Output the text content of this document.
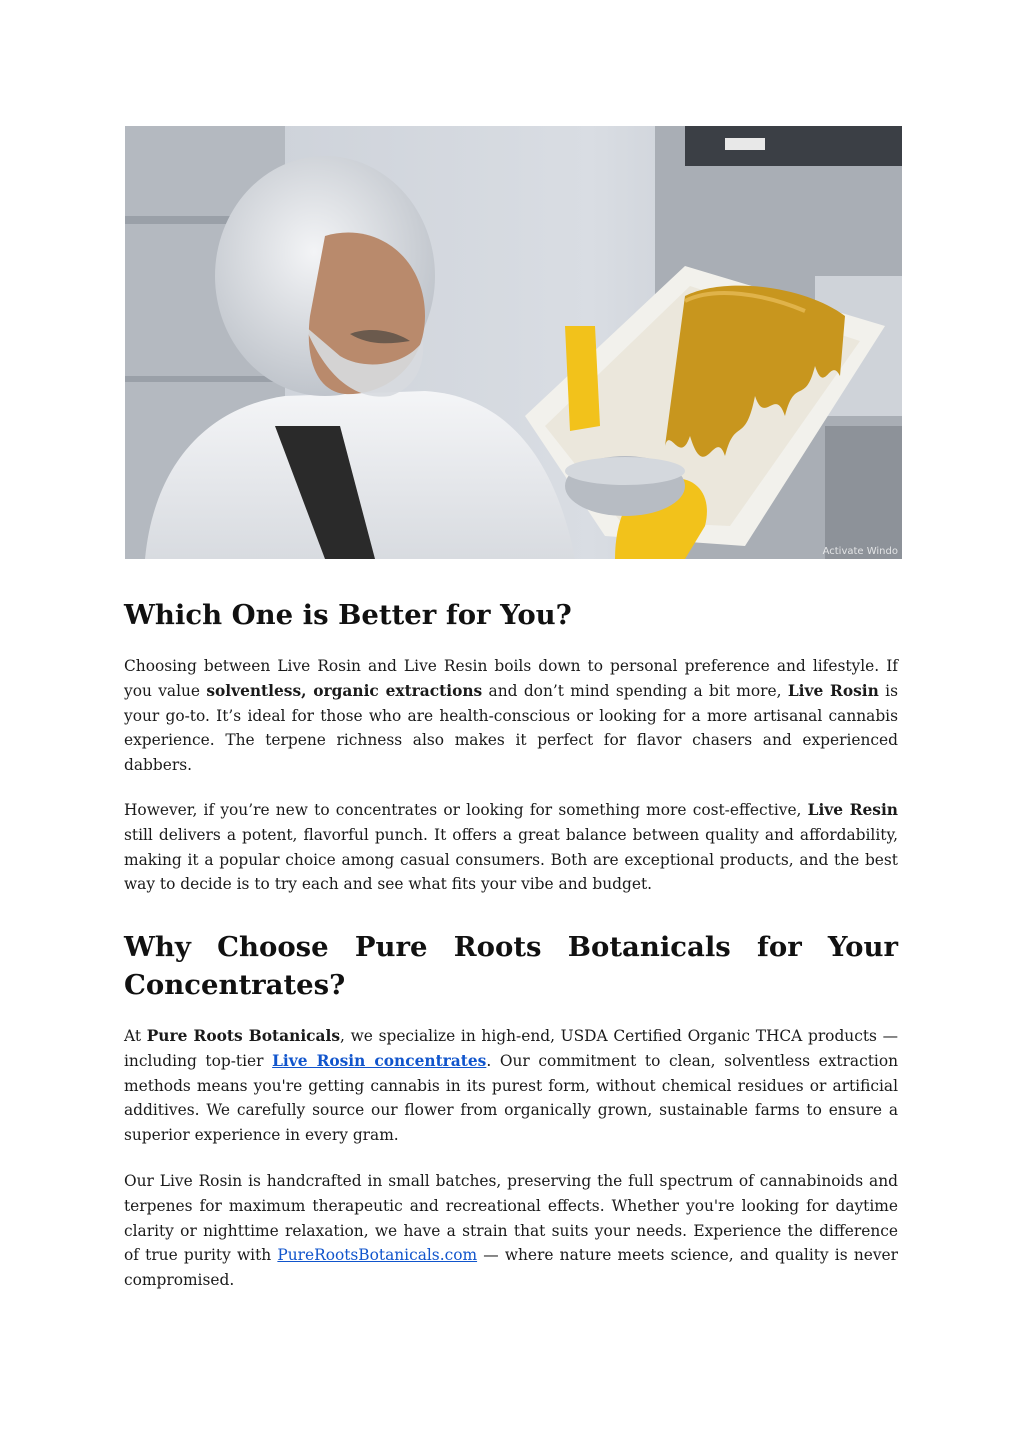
Activate Windo
Which One is Better for You?

Choosing between Live Rosin and Live Resin boils down to personal preference and lifestyle. If you value solventless, organic extractions and don’t mind spending a bit more, Live Rosin is your go-to. It’s ideal for those who are health-conscious or looking for a more artisanal cannabis experience. The terpene richness also makes it perfect for flavor chasers and experienced dabbers.

However, if you’re new to concentrates or looking for something more cost-effective, Live Resin still delivers a potent, flavorful punch. It offers a great balance between quality and affordability, making it a popular choice among casual consumers. Both are exceptional products, and the best way to decide is to try each and see what fits your vibe and budget.

Why Choose Pure Roots Botanicals for Your Concentrates?

At Pure Roots Botanicals, we specialize in high-end, USDA Certified Organic THCA products — including top-tier Live Rosin concentrates. Our commitment to clean, solventless extraction methods means you're getting cannabis in its purest form, without chemical residues or artificial additives. We carefully source our flower from organically grown, sustainable farms to ensure a superior experience in every gram.

Our Live Rosin is handcrafted in small batches, preserving the full spectrum of cannabinoids and terpenes for maximum therapeutic and recreational effects. Whether you're looking for daytime clarity or nighttime relaxation, we have a strain that suits your needs. Experience the difference of true purity with PureRootsBotanicals.com — where nature meets science, and quality is never compromised.
